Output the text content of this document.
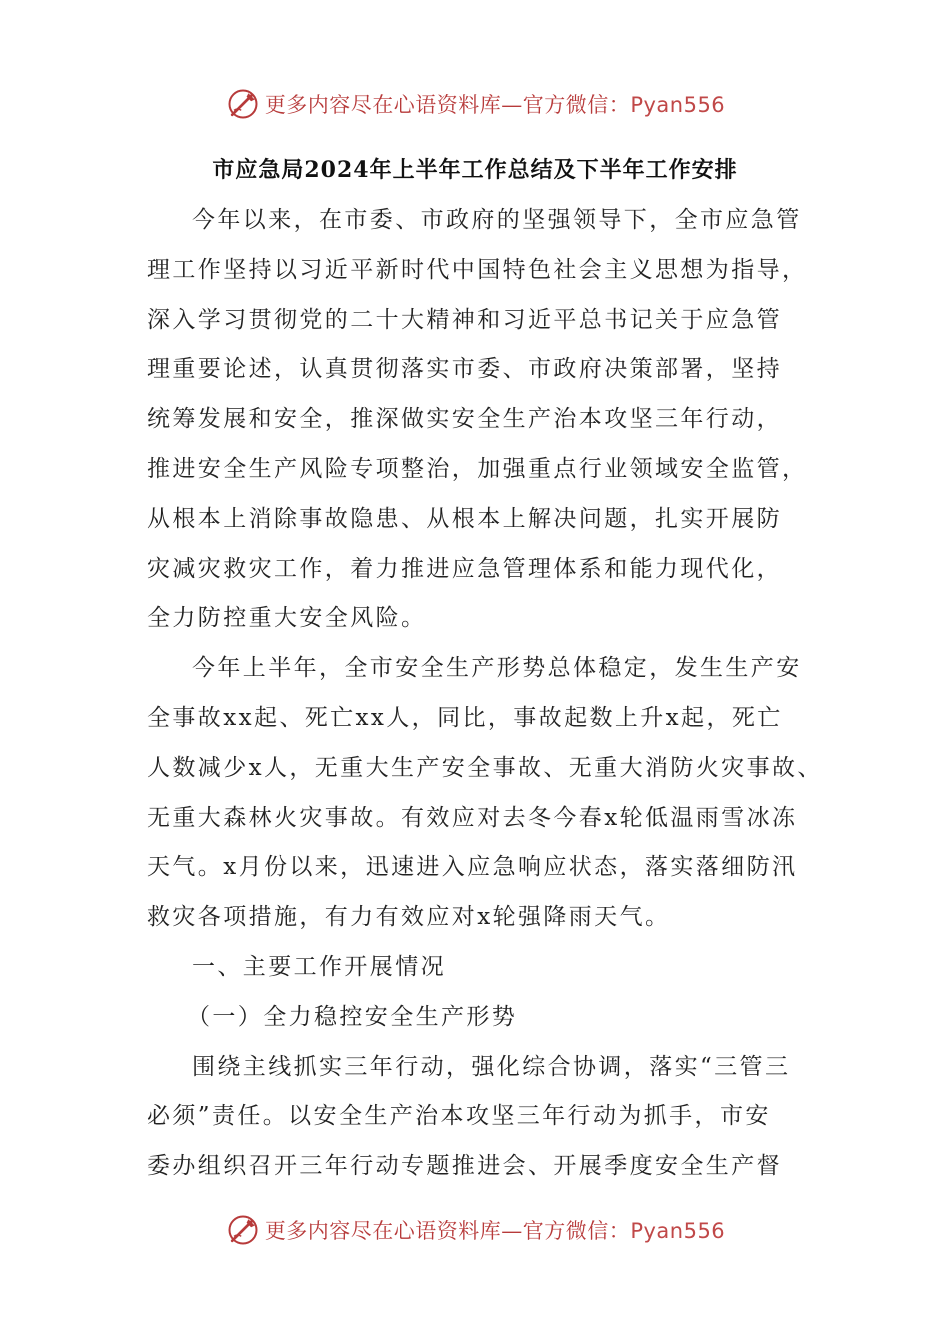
更多内容尽在心语资料库—官方微信：Pyan556
市应急局2024年上半年工作总结及下半年工作安排
今年以来，在市委、市政府的坚强领导下，全市应急管
理工作坚持以习近平新时代中国特色社会主义思想为指导，
深入学习贯彻党的二十大精神和习近平总书记关于应急管
理重要论述，认真贯彻落实市委、市政府决策部署，坚持
统筹发展和安全，推深做实安全生产治本攻坚三年行动，
推进安全生产风险专项整治，加强重点行业领域安全监管，
从根本上消除事故隐患、从根本上解决问题，扎实开展防
灾减灾救灾工作，着力推进应急管理体系和能力现代化，
全力防控重大安全风险。
今年上半年，全市安全生产形势总体稳定，发生生产安
全事故xx起、死亡xx人，同比，事故起数上升x起，死亡
人数减少x人，无重大生产安全事故、无重大消防火灾事故、
无重大森林火灾事故。有效应对去冬今春x轮低温雨雪冰冻
天气。x月份以来，迅速进入应急响应状态，落实落细防汛
救灾各项措施，有力有效应对x轮强降雨天气。
一、主要工作开展情况
（一）全力稳控安全生产形势
围绕主线抓实三年行动，强化综合协调，落实“三管三
必须”责任。以安全生产治本攻坚三年行动为抓手，市安
委办组织召开三年行动专题推进会、开展季度安全生产督
更多内容尽在心语资料库—官方微信：Pyan556
